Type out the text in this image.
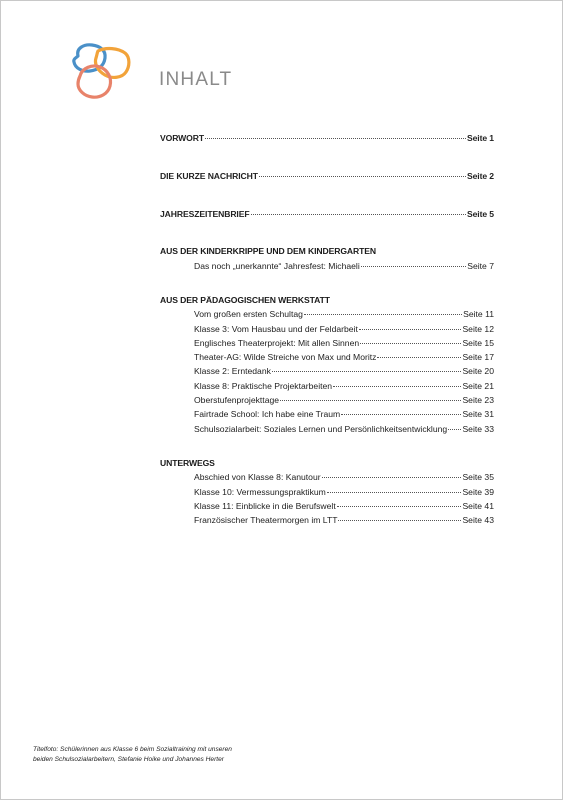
INHALT
VORWORT	Seite 1
DIE KURZE NACHRICHT	Seite 2
JAHRESZEITENBRIEF	Seite 5
AUS DER KINDERKRIPPE UND DEM KINDERGARTEN
Das noch „unerkannte“ Jahresfest: Michaeli	Seite 7
AUS DER PÄDAGOGISCHEN WERKSTATT
Vom großen ersten Schultag	Seite 11
Klasse 3: Vom Hausbau und der Feldarbeit	Seite 12
Englisches Theaterprojekt: Mit allen Sinnen	Seite 15
Theater-AG: Wilde Streiche von Max und Moritz	Seite 17
Klasse 2: Erntedank	Seite 20
Klasse 8: Praktische Projektarbeiten	Seite 21
Oberstufenprojekttage	Seite 23
Fairtrade School: Ich habe eine Traum	Seite 31
Schulsozialarbeit: Soziales Lernen und Persönlichkeitsentwicklung Seite 33
UNTERWEGS
Abschied von Klasse 8: Kanutour	Seite 35
Klasse 10: Vermessungspraktikum	Seite 39
Klasse 11: Einblicke in die Berufswelt	Seite 41
Französischer Theatermorgen im LTT	Seite 43
Titelfoto: Schülerinnen aus Klasse 6 beim Sozialtraining mit unseren
beiden Schulsozialarbeitern, Stefanie Hoike und Johannes Herter
